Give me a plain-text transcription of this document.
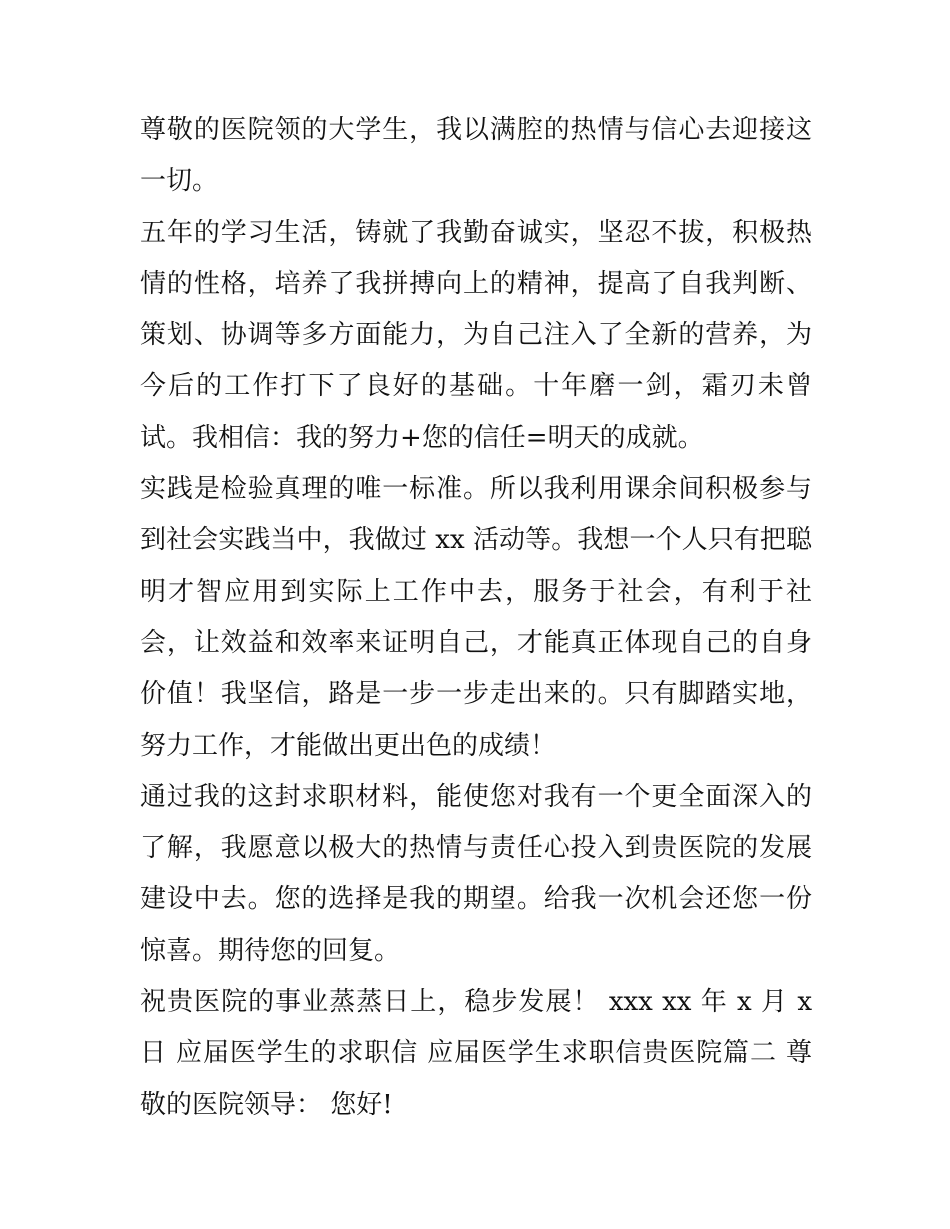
尊敬的医院领的大学生，我以满腔的热情与信心去迎接这一切。

五年的学习生活，铸就了我勤奋诚实，坚忍不拔，积极热情的性格，培养了我拼搏向上的精神，提高了自我判断、策划、协调等多方面能力，为自己注入了全新的营养，为今后的工作打下了良好的基础。十年磨一剑，霜刃未曾试。我相信：我的努力+您的信任=明天的成就。

实践是检验真理的唯一标准。所以我利用课余间积极参与到社会实践当中，我做过 xx 活动等。我想一个人只有把聪明才智应用到实际上工作中去，服务于社会，有利于社会，让效益和效率来证明自己，才能真正体现自己的自身价值！我坚信，路是一步一步走出来的。只有脚踏实地，努力工作，才能做出更出色的成绩！

通过我的这封求职材料，能使您对我有一个更全面深入的了解，我愿意以极大的热情与责任心投入到贵医院的发展建设中去。您的选择是我的期望。给我一次机会还您一份惊喜。期待您的回复。

祝贵医院的事业蒸蒸日上，稳步发展！ xxx xx 年 x 月 x 日 应届医学生的求职信 应届医学生求职信贵医院篇二 尊敬的医院领导： 您好!
